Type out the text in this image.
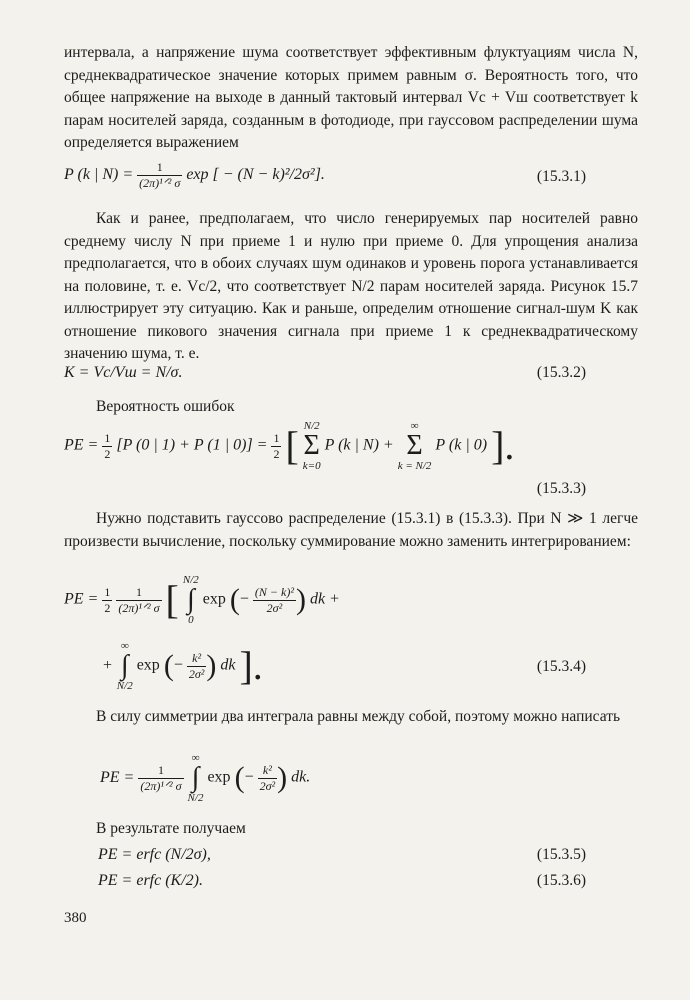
интервала, а напряжение шума соответствует эффективным флуктуациям числа N, среднеквадратическое значение которых примем равным σ. Вероятность того, что общее напряжение на выходе в данный тактовый интервал Vc + Vш соответствует k парам носителей заряда, созданным в фотодиоде, при гауссовом распределении шума определяется выражением

P (k | $N) = \frac{1}{\text{(2π)¹ᐟ² σ}}$ exp [ − (N − k)²/2σ²].	(15.3.1)

Как и ранее, предполагаем, что число генерируемых пар носителей равно среднему числу N при приеме 1 и нулю при приеме 0. Для упрощения анализа предполагается, что в обоих случаях шум одинаков и уровень порога устанавливается на половине, т. е. Vc/2, что соответствует N/2 парам носителей заряда. Рисунок 15.7 иллюстрирует эту ситуацию. Как и раньше, определим отношение сигнал-шум K как отношение пикового значения сигнала при приеме 1 к среднеквадратическому значению шума, т. е.

K = Vc/Vш = N/σ.	(15.3.2)

Вероятность ошибок

PE = $\frac{1}{2} [P$ (0 | 1) + P (1 | $0)] = \frac{1}{2}$ [ N/2
Σ
k=0 P (k | N) + ∞
Σ
k = N/2 P (k | 0) ].
(15.3.3)

Нужно подставить гауссово распределение (15.3.1) в (15.3.3). При N ≫ 1 легче произвести вычисление, поскольку суммирование можно заменить интегрированием:

PE = $\frac{1}{2}$
$\frac{1}{\text{(2π)¹ᐟ² σ}}$ [ N/2
∫
0 exp (− $\frac{\text{(N − k)²}}{\text{2σ²}}$ ) dk +
+ ∞
∫
N/2 exp (− $\frac{\text{k²}}{\text{2σ²}}$ ) dk ].	(15.3.4)

В силу симметрии два интеграла равны между собой, поэтому можно написать

PE = $\frac{1}{\text{(2π)¹ᐟ² σ}}$
∞
∫
N/2 exp (− $\frac{\text{k²}}{\text{2σ²}}$ ) dk.

В результате получаем

PE = erfc (N/2σ),	(15.3.5)
PE = erfc (K/2).	(15.3.6)
380
